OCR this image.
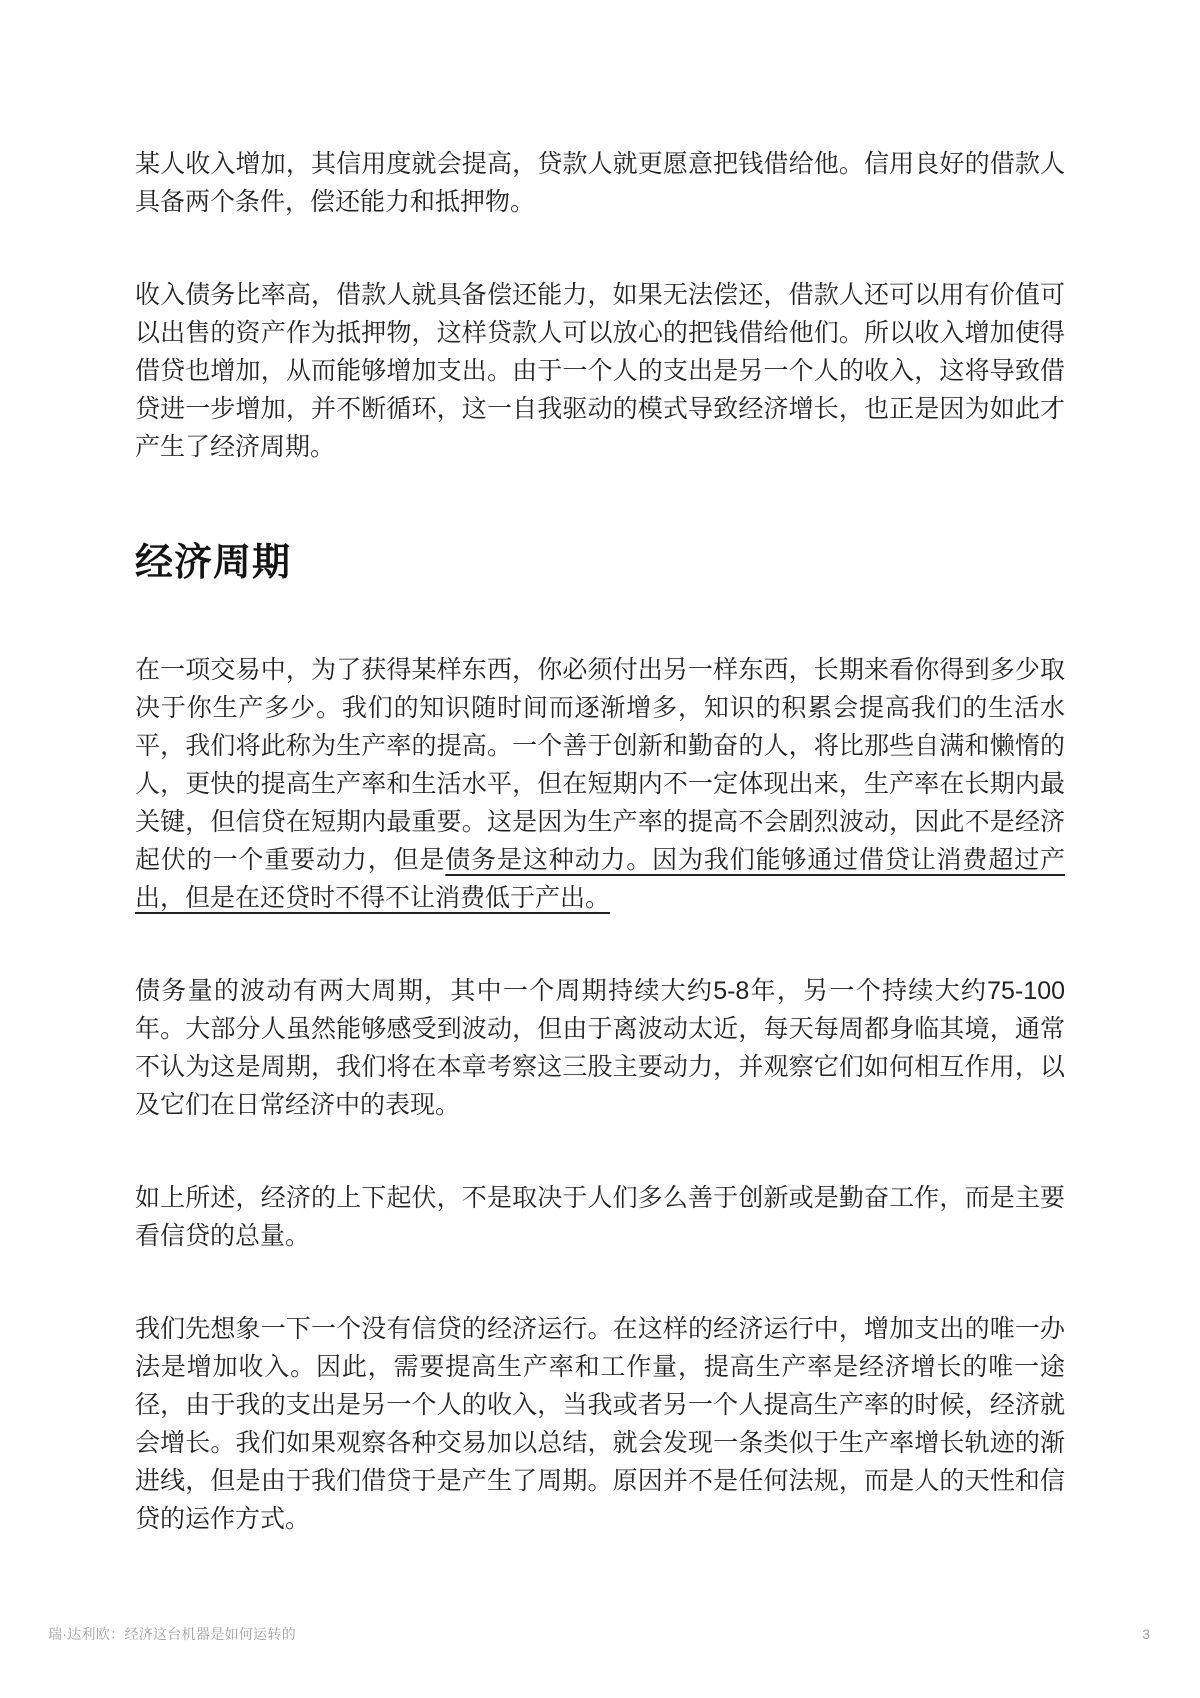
某人收入增加，其信用度就会提高，贷款人就更愿意把钱借给他。信用良好的借款人具备两个条件，偿还能力和抵押物。

收入债务比率高，借款人就具备偿还能力，如果无法偿还，借款人还可以用有价值可以出售的资产作为抵押物，这样贷款人可以放心的把钱借给他们。所以收入增加使得借贷也增加，从而能够增加支出。由于一个人的支出是另一个人的收入，这将导致借贷进一步增加，并不断循环，这一自我驱动的模式导致经济增长，也正是因为如此才产生了经济周期。

经济周期

在一项交易中，为了获得某样东西，你必须付出另一样东西，长期来看你得到多少取决于你生产多少。我们的知识随时间而逐渐增多，知识的积累会提高我们的生活水平，我们将此称为生产率的提高。一个善于创新和勤奋的人，将比那些自满和懒惰的人，更快的提高生产率和生活水平，但在短期内不一定体现出来，生产率在长期内最关键，但信贷在短期内最重要。这是因为生产率的提高不会剧烈波动，因此不是经济起伏的一个重要动力，但是债务是这种动力。因为我们能够通过借贷让消费超过产出，但是在还贷时不得不让消费低于产出。

债务量的波动有两大周期，其中一个周期持续大约5-8年，另一个持续大约75-100年。大部分人虽然能够感受到波动，但由于离波动太近，每天每周都身临其境，通常不认为这是周期，我们将在本章考察这三股主要动力，并观察它们如何相互作用，以及它们在日常经济中的表现。

如上所述，经济的上下起伏，不是取决于人们多么善于创新或是勤奋工作，而是主要看信贷的总量。

我们先想象一下一个没有信贷的经济运行。在这样的经济运行中，增加支出的唯一办法是增加收入。因此，需要提高生产率和工作量，提高生产率是经济增长的唯一途径，由于我的支出是另一个人的收入，当我或者另一个人提高生产率的时候，经济就会增长。我们如果观察各种交易加以总结，就会发现一条类似于生产率增长轨迹的渐进线，但是由于我们借贷于是产生了周期。原因并不是任何法规，而是人的天性和信贷的运作方式。

瑞·达利欧：经济这台机器是如何运转的	3
